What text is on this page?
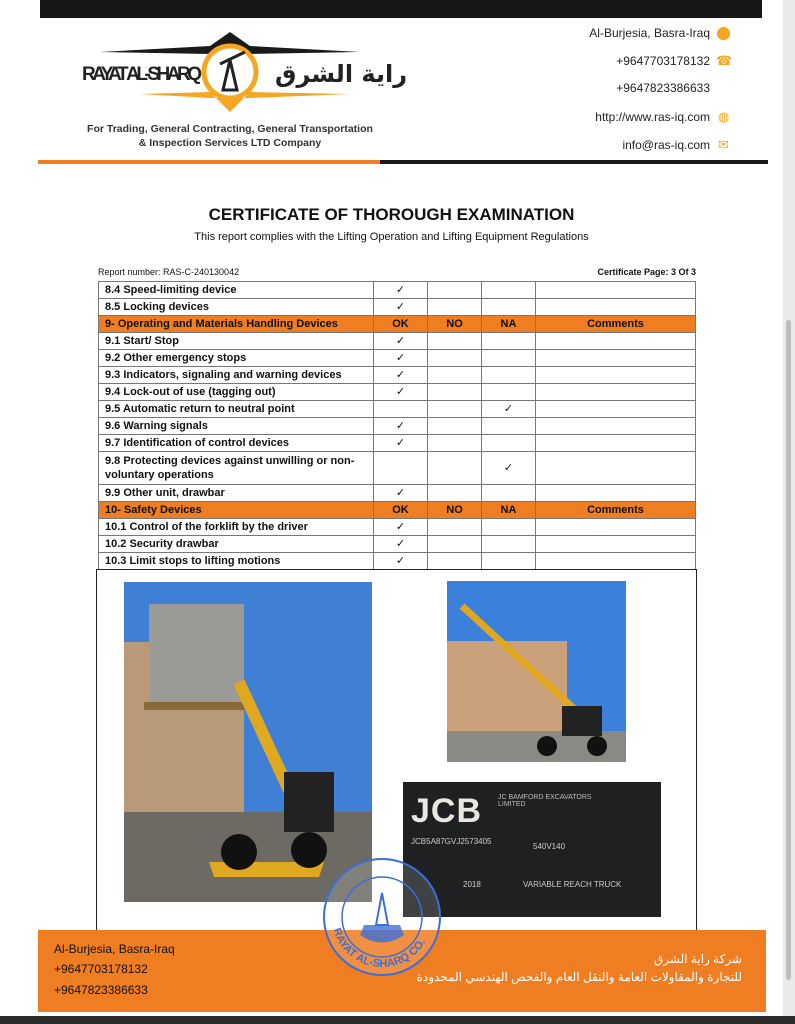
RAYAT AL-SHARQ	راية الشرق
For Trading, General Contracting, General Transportation
& Inspection Services LTD Company
Al-Burjesia, Basra-Iraq ⬤
+9647703178132 ☎
+9647823386633
http://www.ras-iq.com ◍
info@ras-iq.com ✉
CERTIFICATE OF THOROUGH EXAMINATION
This report complies with the Lifting Operation and Lifting Equipment Regulations
Report number: RAS-C-240130042	Certificate Page: 3 Of 3
8.4 Speed-limiting device	✓			
8.5 Locking devices	✓			
9- Operating and Materials Handling Devices	OK	NO	NA	Comments
9.1 Start/ Stop	✓			
9.2 Other emergency stops	✓			
9.3 Indicators, signaling and warning devices	✓			
9.4 Lock-out of use (tagging out)	✓			
9.5 Automatic return to neutral point			✓	
9.6 Warning signals	✓			
9.7 Identification of control devices	✓			
9.8 Protecting devices against unwilling or non-voluntary operations			✓	
9.9 Other unit, drawbar	✓			
10- Safety Devices	OK	NO	NA	Comments
10.1 Control of the forklift by the driver	✓			
10.2 Security drawbar	✓			
10.3 Limit stops to lifting motions	✓			
JCB JC BAMFORD EXCAVATORS LIMITED
JCB5A87GVJ2573405
540V140
2018	VARIABLE REACH TRUCK
Al-Burjesia, Basra-Iraq
+9647703178132
+9647823386633
شركة راية الشرق
للتجارة والمقاولات العامة والنقل العام والفحص الهندسي المحدودة
RAYAT AL-SHARQ CO.
